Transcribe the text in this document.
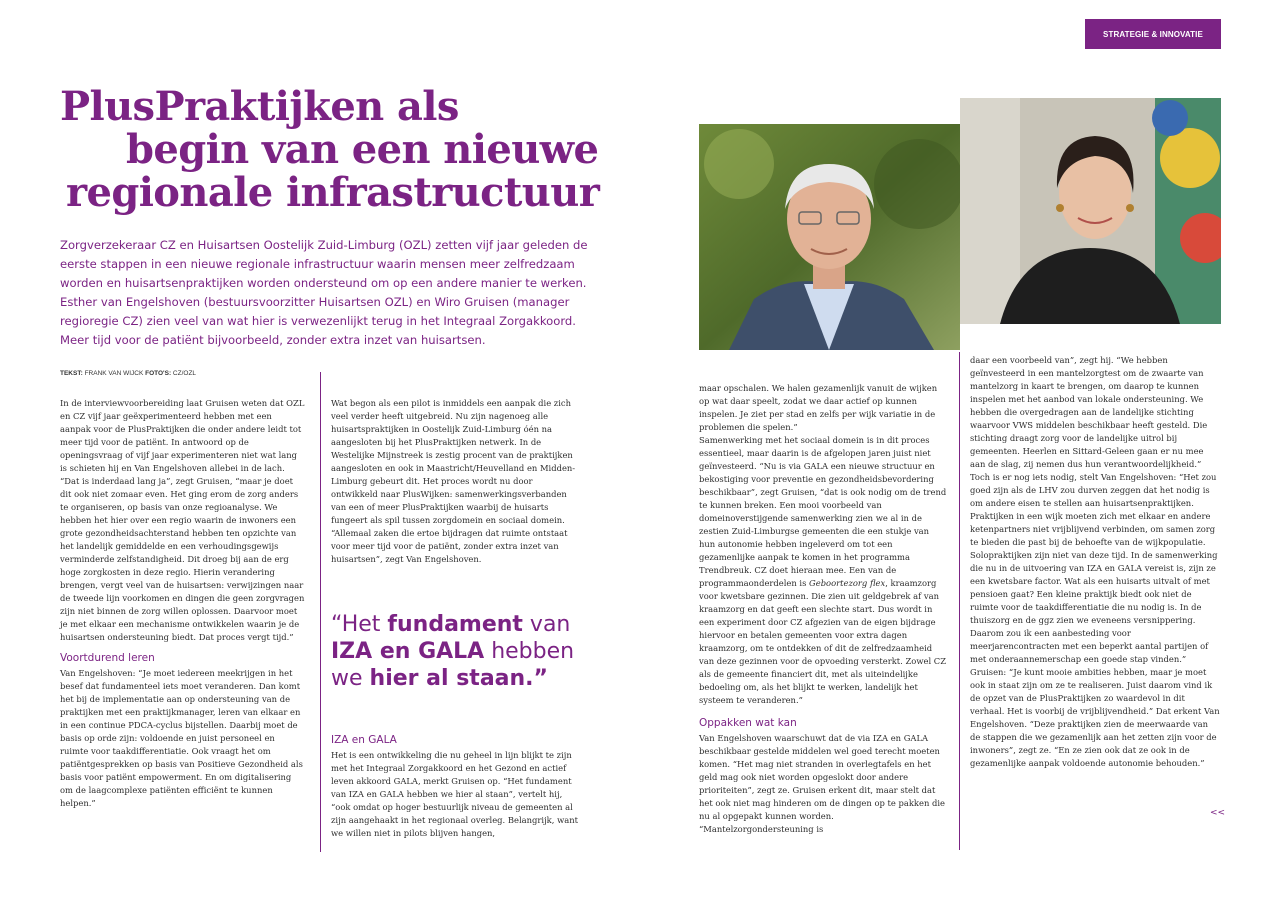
STRATEGIE & INNOVATIE
PlusPraktijken als
begin van een nieuwe
regionale infrastructuur
Zorgverzekeraar CZ en Huisartsen Oostelijk Zuid-Limburg (OZL) zetten vijf jaar geleden de eerste stappen in een nieuwe regionale infrastructuur waarin mensen meer zelfredzaam worden en huisartsenpraktijken worden ondersteund om op een andere manier te werken. Esther van Engelshoven (bestuursvoorzitter Huisartsen OZL) en Wiro Gruisen (manager regioregie CZ) zien veel van wat hier is verwezenlijkt terug in het Integraal Zorgakkoord. Meer tijd voor de patiënt bijvoorbeeld, zonder extra inzet van huisartsen.
TEKST: FRANK VAN WIJCK FOTO'S: CZ/OZL

In de interviewvoorbereiding laat Gruisen weten dat OZL en CZ vijf jaar geëxperimenteerd hebben met een aanpak voor de PlusPraktijken die onder andere leidt tot meer tijd voor de patiënt. In antwoord op de openingsvraag of vijf jaar experimenteren niet wat lang is schieten hij en Van Engelshoven allebei in de lach. “Dat is inderdaad lang ja”, zegt Gruisen, “maar je doet dit ook niet zomaar even. Het ging erom de zorg anders te organiseren, op basis van onze regioanalyse. We hebben het hier over een regio waarin de inwoners een grote gezondheidsachterstand hebben ten opzichte van het landelijk gemiddelde en een verhoudingsgewijs verminderde zelfstandigheid. Dit droeg bij aan de erg hoge zorgkosten in deze regio. Hierin verandering brengen, vergt veel van de huisartsen: verwijzingen naar de tweede lijn voorkomen en dingen die geen zorgvragen zijn niet binnen de zorg willen oplossen. Daarvoor moet je met elkaar een mechanisme ontwikkelen waarin je de huisartsen ondersteuning biedt. Dat proces vergt tijd.”

Voortdurend leren

Van Engelshoven: “Je moet iedereen meekrijgen in het besef dat fundamenteel iets moet veranderen. Dan komt het bij de implementatie aan op ondersteuning van de praktijken met een praktijkmanager, leren van elkaar en in een continue PDCA-cyclus bijstellen. Daarbij moet de basis op orde zijn: voldoende en juist personeel en ruimte voor taakdifferentiatie. Ook vraagt het om patiëntgesprekken op basis van Positieve Gezondheid als basis voor patiënt empowerment. En om digitalisering om de laagcomplexe patiënten efficiënt te kunnen helpen.”

Wat begon als een pilot is inmiddels een aanpak die zich veel verder heeft uitgebreid. Nu zijn nagenoeg alle huisartspraktijken in Oostelijk Zuid-Limburg óén na aangesloten bij het PlusPraktijken netwerk. In de Westelijke Mijnstreek is zestig procent van de praktijken aangesloten en ook in Maastricht/Heuvelland en Midden-Limburg gebeurt dit. Het proces wordt nu door ontwikkeld naar PlusWijken: samenwerkingsverbanden van een of meer PlusPraktijken waarbij de huisarts fungeert als spil tussen zorgdomein en sociaal domein. “Allemaal zaken die ertoe bijdragen dat ruimte ontstaat voor meer tijd voor de patiënt, zonder extra inzet van huisartsen”, zegt Van Engelshoven.

“Het fundament van IZA en GALA hebben we hier al staan.”
IZA en GALA

Het is een ontwikkeling die nu geheel in lijn blijkt te zijn met het Integraal Zorgakkoord en het Gezond en actief leven akkoord GALA, merkt Gruisen op. “Het fundament van IZA en GALA hebben we hier al staan”, vertelt hij, “ook omdat op hoger bestuurlijk niveau de gemeenten al zijn aangehaakt in het regionaal overleg. Belangrijk, want we willen niet in pilots blijven hangen,

maar opschalen. We halen gezamenlijk vanuit de wijken op wat daar speelt, zodat we daar actief op kunnen inspelen. Je ziet per stad en zelfs per wijk variatie in de problemen die spelen.”

Samenwerking met het sociaal domein is in dit proces essentieel, maar daarin is de afgelopen jaren juist niet geïnvesteerd. “Nu is via GALA een nieuwe structuur en bekostiging voor preventie en gezondheidsbevordering beschikbaar”, zegt Gruisen, “dat is ook nodig om de trend te kunnen breken. Een mooi voorbeeld van domeinoverstijgende samenwerking zien we al in de zestien Zuid-Limburgse gemeenten die een stukje van hun autonomie hebben ingeleverd om tot een gezamenlijke aanpak te komen in het programma Trendbreuk. CZ doet hieraan mee. Een van de programmaonderdelen is Geboortezorg flex, kraamzorg voor kwetsbare gezinnen. Die zien uit geldgebrek af van kraamzorg en dat geeft een slechte start. Dus wordt in een experiment door CZ afgezien van de eigen bijdrage hiervoor en betalen gemeenten voor extra dagen kraamzorg, om te ontdekken of dit de zelfredzaamheid van deze gezinnen voor de opvoeding versterkt. Zowel CZ als de gemeente financiert dit, met als uiteindelijke bedoeling om, als het blijkt te werken, landelijk het systeem te veranderen.”

Oppakken wat kan

Van Engelshoven waarschuwt dat de via IZA en GALA beschikbaar gestelde middelen wel goed terecht moeten komen. “Het mag niet stranden in overlegtafels en het geld mag ook niet worden opgeslokt door andere prioriteiten”, zegt ze. Gruisen erkent dit, maar stelt dat het ook niet mag hinderen om de dingen op te pakken die nu al opgepakt kunnen worden. “Mantelzorgondersteuning is

daar een voorbeeld van”, zegt hij. “We hebben geïnvesteerd in een mantelzorgtest om de zwaarte van mantelzorg in kaart te brengen, om daarop te kunnen inspelen met het aanbod van lokale ondersteuning. We hebben die overgedragen aan de landelijke stichting waarvoor VWS middelen beschikbaar heeft gesteld. Die stichting draagt zorg voor de landelijke uitrol bij gemeenten. Heerlen en Sittard-Geleen gaan er nu mee aan de slag, zij nemen dus hun verantwoordelijkheid.”

Toch is er nog iets nodig, stelt Van Engelshoven: “Het zou goed zijn als de LHV zou durven zeggen dat het nodig is om andere eisen te stellen aan huisartsenpraktijken. Praktijken in een wijk moeten zich met elkaar en andere ketenpartners niet vrijblijvend verbinden, om samen zorg te bieden die past bij de behoefte van de wijkpopulatie. Solopraktijken zijn niet van deze tijd. In de samenwerking die nu in de uitvoering van IZA en GALA vereist is, zijn ze een kwetsbare factor. Wat als een huisarts uitvalt of met pensioen gaat? Een kleine praktijk biedt ook niet de ruimte voor de taakdifferentiatie die nu nodig is. In de thuiszorg en de ggz zien we eveneens versnippering. Daarom zou ik een aanbesteding voor meerjarencontracten met een beperkt aantal partijen of met onderaannemerschap een goede stap vinden.” Gruisen: “Je kunt mooie ambities hebben, maar je moet ook in staat zijn om ze te realiseren. Juist daarom vind ik de opzet van de PlusPraktijken zo waardevol in dit verhaal. Het is voorbij de vrijblijvendheid.” Dat erkent Van Engelshoven. “Deze praktijken zien de meerwaarde van de stappen die we gezamenlijk aan het zetten zijn voor de inwoners”, zegt ze. “En ze zien ook dat ze ook in de gezamenlijke aanpak voldoende autonomie behouden.”

<<
